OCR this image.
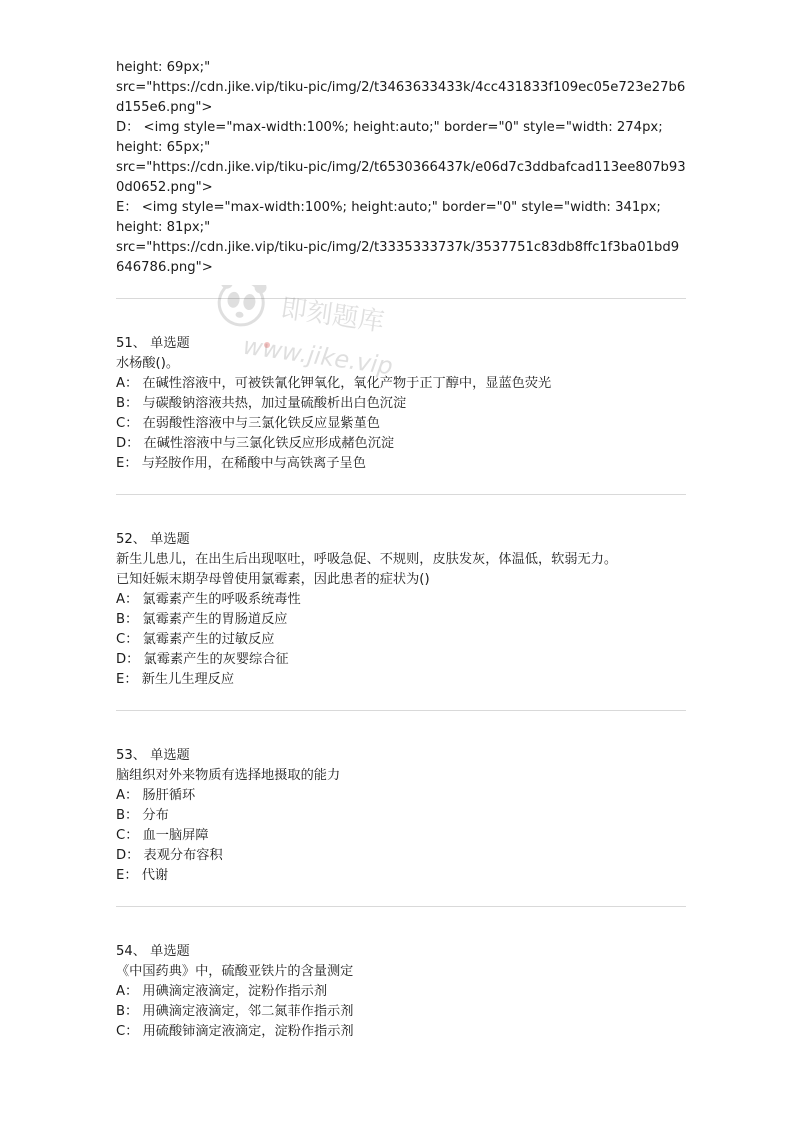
height: 69px;"
src="https://cdn.jike.vip/tiku-pic/img/2/t3463633433k/4cc431833f109ec05e723e27b6
d155e6.png">
D： <img style="max-width:100%; height:auto;" border="0" style="width: 274px;
height: 65px;"
src="https://cdn.jike.vip/tiku-pic/img/2/t6530366437k/e06d7c3ddbafcad113ee807b93
0d0652.png">
E： <img style="max-width:100%; height:auto;" border="0" style="width: 341px;
height: 81px;"
src="https://cdn.jike.vip/tiku-pic/img/2/t3335333737k/3537751c83db8ffc1f3ba01bd9
646786.png">
51、 单选题
水杨酸()。
A： 在碱性溶液中，可被铁氰化钾氧化，氧化产物于正丁醇中，显蓝色荧光
B： 与碳酸钠溶液共热，加过量硫酸析出白色沉淀
C： 在弱酸性溶液中与三氯化铁反应显紫堇色
D： 在碱性溶液中与三氯化铁反应形成赭色沉淀
E： 与羟胺作用，在稀酸中与高铁离子呈色
52、 单选题
新生儿患儿，在出生后出现呕吐，呼吸急促、不规则，皮肤发灰，体温低，软弱无力。
已知妊娠末期孕母曾使用氯霉素，因此患者的症状为()
A： 氯霉素产生的呼吸系统毒性
B： 氯霉素产生的胃肠道反应
C： 氯霉素产生的过敏反应
D： 氯霉素产生的灰婴综合征
E： 新生儿生理反应
53、 单选题
脑组织对外来物质有选择地摄取的能力
A： 肠肝循环
B： 分布
C： 血一脑屏障
D： 表观分布容积
E： 代谢
54、 单选题
《中国药典》中，硫酸亚铁片的含量测定
A： 用碘滴定液滴定，淀粉作指示剂
B： 用碘滴定液滴定，邻二氮菲作指示剂
C： 用硫酸铈滴定液滴定，淀粉作指示剂
即刻题库
www.jike.vip
